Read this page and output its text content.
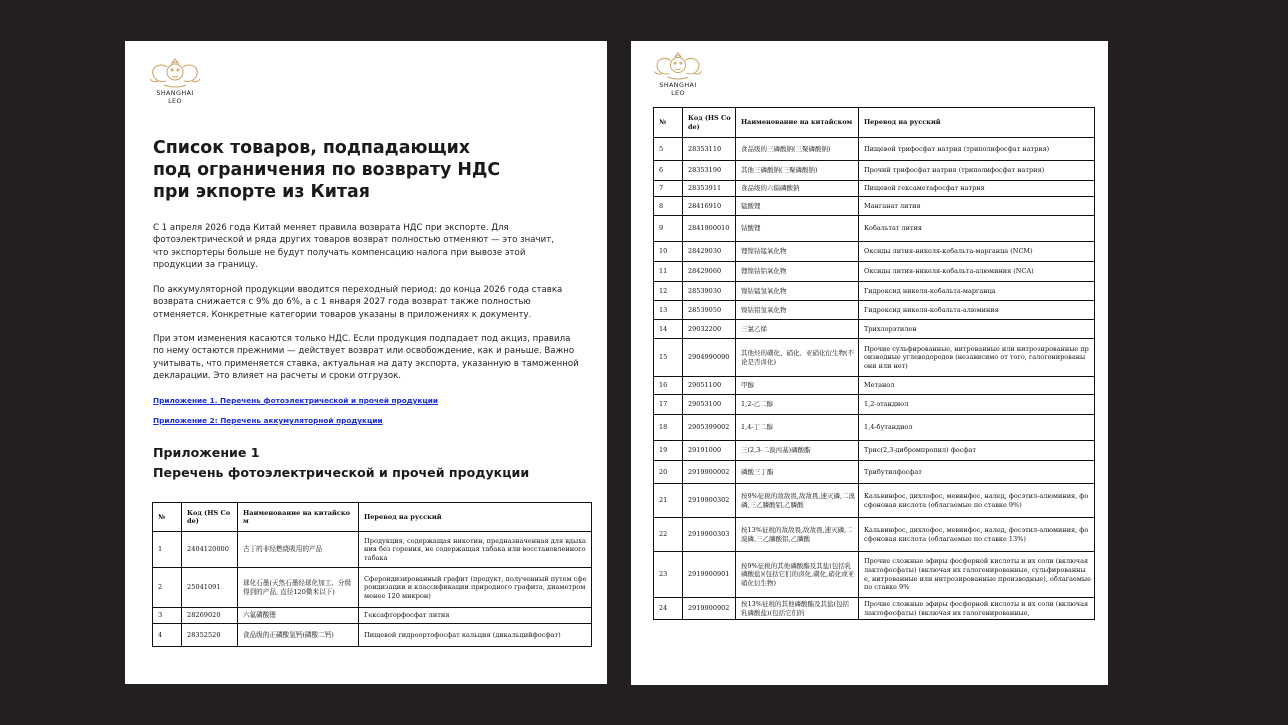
SHANGHAI
LEO
Список товаров, подпадающих
под ограничения по возврату НДС
при экпорте из Китая
С 1 апреля 2026 года Китай меняет правила возврата НДС при экспорте. Для
фотоэлектрической и ряда других товаров возврат полностью отменяют — это значит,
что экспортеры больше не будут получать компенсацию налога при вывозе этой
продукции за границу.
По аккумуляторной продукции вводится переходный период: до конца 2026 года ставка
возврата снижается с 9% до 6%, а с 1 января 2027 года возврат также полностью
отменяется. Конкретные категории товаров указаны в приложениях к документу.
При этом изменения касаются только НДС. Если продукция подпадает под акциз, правила
по нему остаются прежними — действует возврат или освобождение, как и раньше. Важно
учитывать, что применяется ставка, актуальная на дату экспорта, указанную в таможенной
декларации. Это влияет на расчеты и сроки отгрузок.
Приложение 1. Перечень фотоэлектрической и прочей продукции
Приложение 2: Перечень аккумуляторной продукции
Приложение 1
Перечень фотоэлектрической и прочей продукции
№	Код (HS Code)	Наименование на китайском	Перевод на русский
1	2404120000	古丁的非经燃烧吸用的产品	Продукция, содержащая никотин, предназначенная для вдыхания без горения, не содержащая табака или восстановленного табака
2	25041091	球化石墨(天然石墨经球化加工、分级得到的产品, 直径120微米以下)	Сфероидизированный графит (продукт, полученный путем сфероидизации и классификации природного графита, диаметром менее 120 микрон)
3	28269020	六氟磷酸锂	Гексафторфосфат лития
4	28352520	食品级的正磷酸氢钙(磷酸二钙)	Пищевой гидроортофосфат кальция (дикальцийфосфат)
SHANGHAI
LEO
№	Код (HS Code)	Наименование на китайском	Перевод на русский
5	28353110	食品级的三磷酸钠(三聚磷酸钠)	Пищевой трифосфат натрия (триполифосфат натрия)
6	28353190	其他三磷酸钠(三聚磷酸钠)	Прочий трифосфат натрия (триполифосфат натрия)
7	28353911	食品级的六偏磷酸钠	Пищевой гексаметафосфат натрия
8	28416910	锰酸锂	Манганат лития
9	2841900010	钴酸锂	Кобальтат лития
10	28429030	锂镍钴锰氧化物	Оксиды лития-никеля-кобальта-марганца (NCM)
11	28429060	锂镍钴铝氧化物	Оксиды лития-никеля-кобальта-алюминия (NCA)
12	28539030	镍钴锰氢氧化物	Гидроксид никеля-кобальта-марганца
13	28539050	镍钴铝氢氧化物	Гидроксид никеля-кобальта-алюминия
14	29032200	三氯乙烯	Трихлорэтилен
15	2904990090	其他烃的磺化、硝化、亚硝化衍生物(不论是否卤化)	Прочие сульфированные, нитрованные или нитрозированные производные углеводородов (независимо от того, галогенированы они или нет)
16	29051100	甲醇	Метанол
17	29053100	1,2-乙二醇	1,2-этандиол
18	2905399002	1,4-丁二醇	1,4-бутандиол
19	29191000	三(2,3-二溴丙基)磷酸酯	Трис(2,3-дибромпропил) фосфат
20	2919900002	磷酸三丁酯	Трибутилфосфат
21	2919900302	按9%征税的敌敌畏,敌敌畏,速灭磷,二溴磷,三乙膦酸铝,乙膦酸	Кальвинфос, дихлофос, мевинфос, налед, фосэтил-алюминия, фосфоновая кислота (облагаемые по ставке 9%)
22	2919900303	按13%征税的敌敌畏,敌敌畏,速灭磷,二溴磷,三乙膦酸铝,乙膦酸	Кальвинфос, дихлофос, мевинфос, налед, фосэтил-алюминия, фосфоновая кислота (облагаемые по ставке 13%)
23	2919900901	按9%征税的其他磷酸酯及其盐(包括乳磷酸盐)(包括它们的卤化,磺化,硝化或亚硝化衍生物)	Прочие сложные эфиры фосфорной кислоты и их соли (включая лактофосфаты) (включая их галогенированные, сульфированные, нитрованные или нитрозированные производные), облагаемые по ставке 9%
24	2919900902	按13%征税的其他磷酸酯及其盐(包括乳磷酸盐)(包括它们的	Прочие сложные эфиры фосфорной кислоты и их соли (включая лактофосфаты) (включая их галогенированные,
